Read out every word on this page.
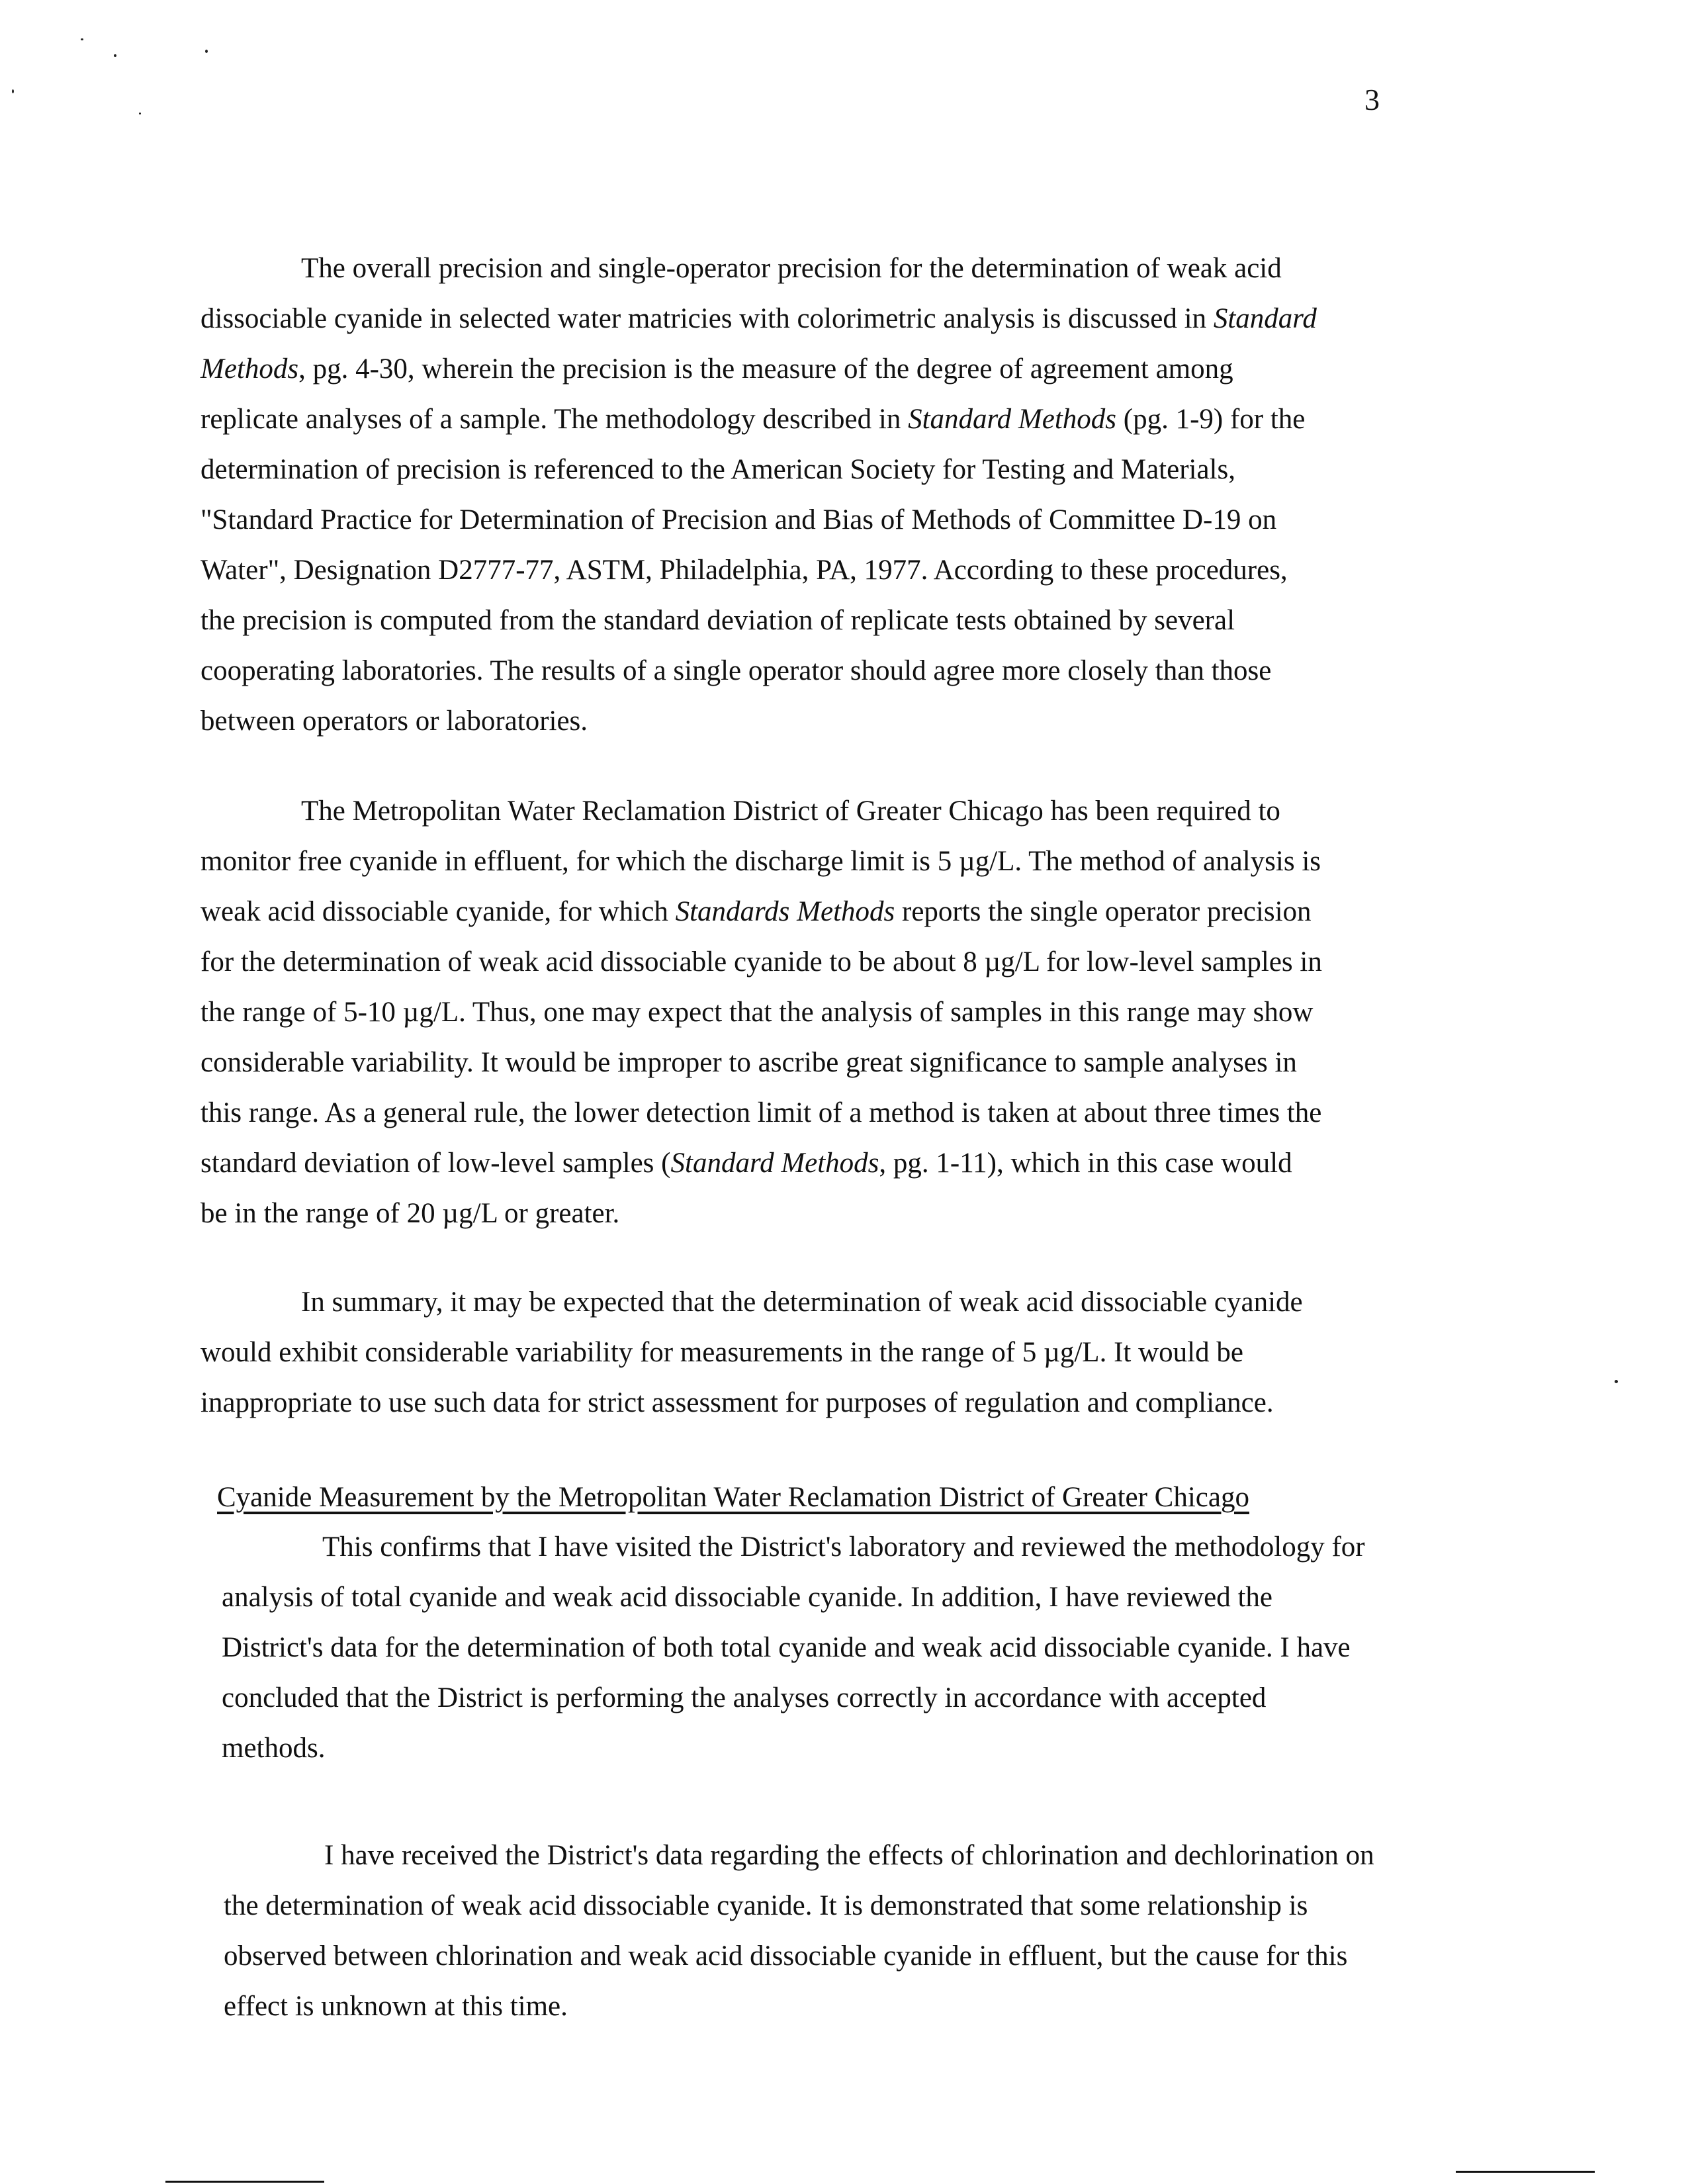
3
The overall precision and single-operator precision for the determination of weak acid
dissociable cyanide in selected water matricies with colorimetric analysis is discussed in Standard
Methods, pg. 4-30, wherein the precision is the measure of the degree of agreement among
replicate analyses of a sample. The methodology described in Standard Methods (pg. 1-9) for the
determination of precision is referenced to the American Society for Testing and Materials,
"Standard Practice for Determination of Precision and Bias of Methods of Committee D-19 on
Water", Designation D2777-77, ASTM, Philadelphia, PA, 1977. According to these procedures,
the precision is computed from the standard deviation of replicate tests obtained by several
cooperating laboratories. The results of a single operator should agree more closely than those
between operators or laboratories.
The Metropolitan Water Reclamation District of Greater Chicago has been required to
monitor free cyanide in effluent, for which the discharge limit is 5 µg/L. The method of analysis is
weak acid dissociable cyanide, for which Standards Methods reports the single operator precision
for the determination of weak acid dissociable cyanide to be about 8 µg/L for low-level samples in
the range of 5-10 µg/L. Thus, one may expect that the analysis of samples in this range may show
considerable variability. It would be improper to ascribe great significance to sample analyses in
this range. As a general rule, the lower detection limit of a method is taken at about three times the
standard deviation of low-level samples (Standard Methods, pg. 1-11), which in this case would
be in the range of 20 µg/L or greater.
In summary, it may be expected that the determination of weak acid dissociable cyanide
would exhibit considerable variability for measurements in the range of 5 µg/L. It would be
inappropriate to use such data for strict assessment for purposes of regulation and compliance.
Cyanide Measurement by the Metropolitan Water Reclamation District of Greater Chicago
This confirms that I have visited the District's laboratory and reviewed the methodology for
analysis of total cyanide and weak acid dissociable cyanide. In addition, I have reviewed the
District's data for the determination of both total cyanide and weak acid dissociable cyanide. I have
concluded that the District is performing the analyses correctly in accordance with accepted
methods.
I have received the District's data regarding the effects of chlorination and dechlorination on
the determination of weak acid dissociable cyanide. It is demonstrated that some relationship is
observed between chlorination and weak acid dissociable cyanide in effluent, but the cause for this
effect is unknown at this time.
